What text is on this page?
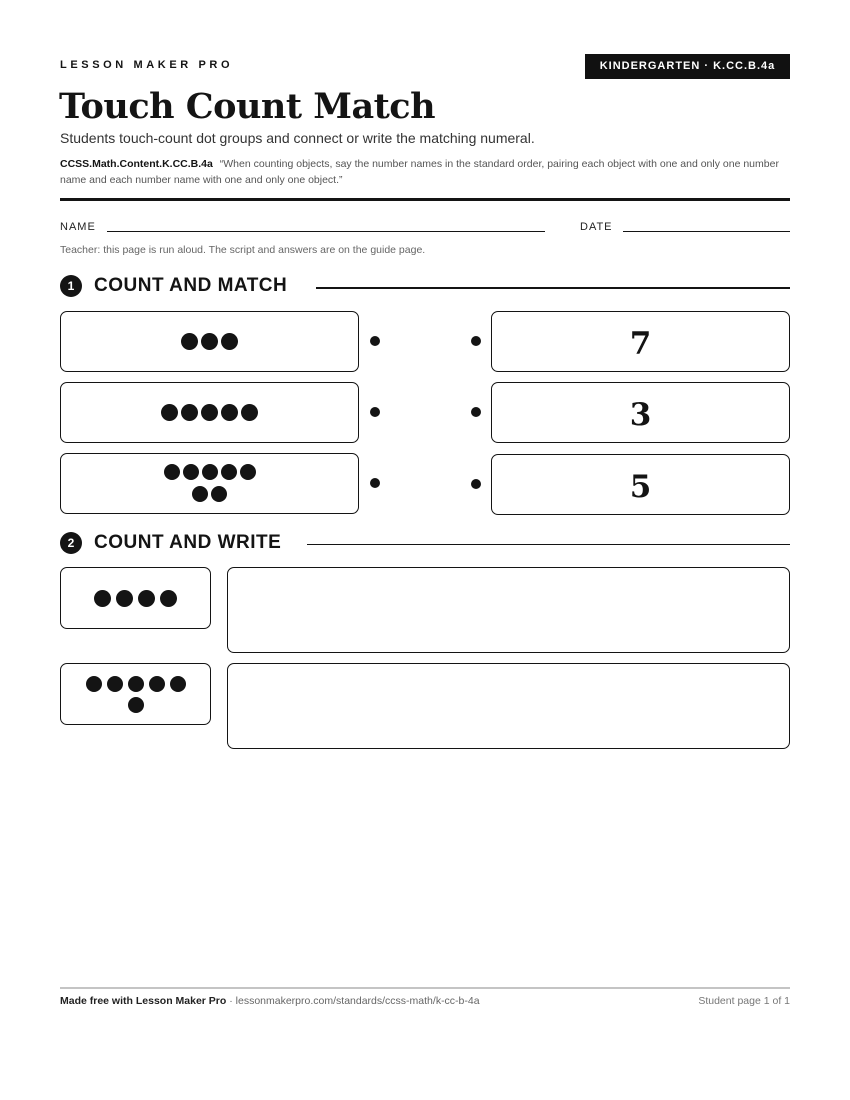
LESSON MAKER PRO	KINDERGARTEN · K.CC.B.4a
Touch Count Match
Students touch-count dot groups and connect or write the matching numeral.
CCSS.Math.Content.K.CC.B.4a “When counting objects, say the number names in the standard order, pairing each object with one and only one number name and each number name with one and only one object.”
NAME	DATE
Teacher: this page is run aloud. The script and answers are on the guide page.
1	COUNT AND MATCH
7
3
5
2	COUNT AND WRITE
Made free with Lesson Maker Pro · lessonmakerpro.com/standards/ccss-math/k-cc-b-4a	Student page 1 of 1
